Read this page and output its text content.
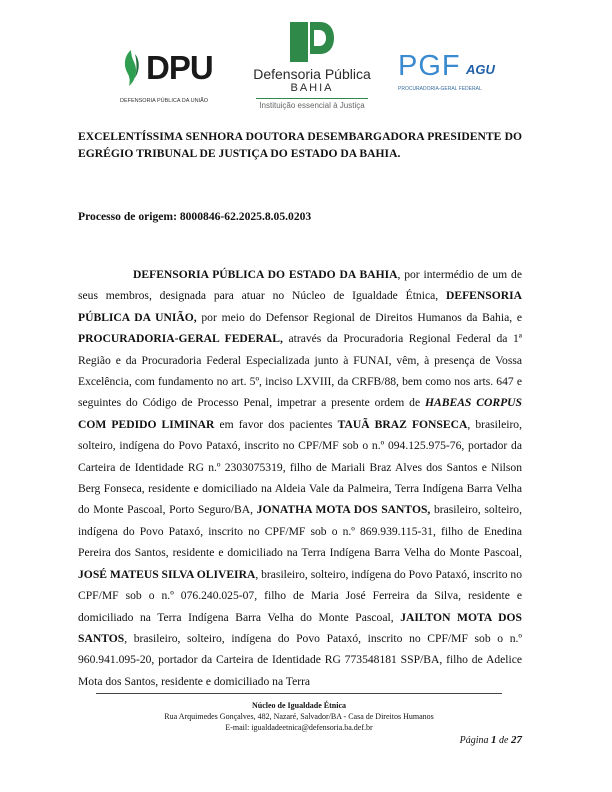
DPU
DEFENSORIA PÚBLICA DA UNIÃO
Defensoria Pública
BAHIA
Instituição essencial à Justiça
PGF AGU
PROCURADORIA-GERAL FEDERAL
EXCELENTÍSSIMA SENHORA DOUTORA DESEMBARGADORA PRESIDENTE DO EGRÉGIO TRIBUNAL DE JUSTIÇA DO ESTADO DA BAHIA.
Processo de origem: 8000846-62.2025.8.05.0203

DEFENSORIA PÚBLICA DO ESTADO DA BAHIA, por intermédio de um de seus membros, designada para atuar no Núcleo de Igualdade Étnica, DEFENSORIA PÚBLICA DA UNIÃO, por meio do Defensor Regional de Direitos Humanos da Bahia, e PROCURADORIA-GERAL FEDERAL, através da Procuradoria Regional Federal da 1ª Região e da Procuradoria Federal Especializada junto à FUNAI, vêm, à presença de Vossa Excelência, com fundamento no art. 5º, inciso LXVIII, da CRFB/88, bem como nos arts. 647 e seguintes do Código de Processo Penal, impetrar a presente ordem de HABEAS CORPUS COM PEDIDO LIMINAR em favor dos pacientes TAUÃ BRAZ FONSECA, brasileiro, solteiro, indígena do Povo Pataxó, inscrito no CPF/MF sob o n.º 094.125.975-76, portador da Carteira de Identidade RG n.º 2303075319, filho de Mariali Braz Alves dos Santos e Nilson Berg Fonseca, residente e domiciliado na Aldeia Vale da Palmeira, Terra Indígena Barra Velha do Monte Pascoal, Porto Seguro/BA, JONATHA MOTA DOS SANTOS, brasileiro, solteiro, indígena do Povo Pataxó, inscrito no CPF/MF sob o n.º 869.939.115-31, filho de Enedina Pereira dos Santos, residente e domiciliado na Terra Indígena Barra Velha do Monte Pascoal, JOSÉ MATEUS SILVA OLIVEIRA, brasileiro, solteiro, indígena do Povo Pataxó, inscrito no CPF/MF sob o n.º 076.240.025-07, filho de Maria José Ferreira da Silva, residente e domiciliado na Terra Indígena Barra Velha do Monte Pascoal, JAILTON MOTA DOS SANTOS, brasileiro, solteiro, indígena do Povo Pataxó, inscrito no CPF/MF sob o n.º 960.941.095-20, portador da Carteira de Identidade RG 773548181 SSP/BA, filho de Adelice Mota dos Santos, residente e domiciliado na Terra

Núcleo de Igualdade Étnica
Rua Arquimedes Gonçalves, 482, Nazaré, Salvador/BA - Casa de Direitos Humanos
E-mail: igualdadeetnica@defensoria.ba.def.br
Página 1 de 27
